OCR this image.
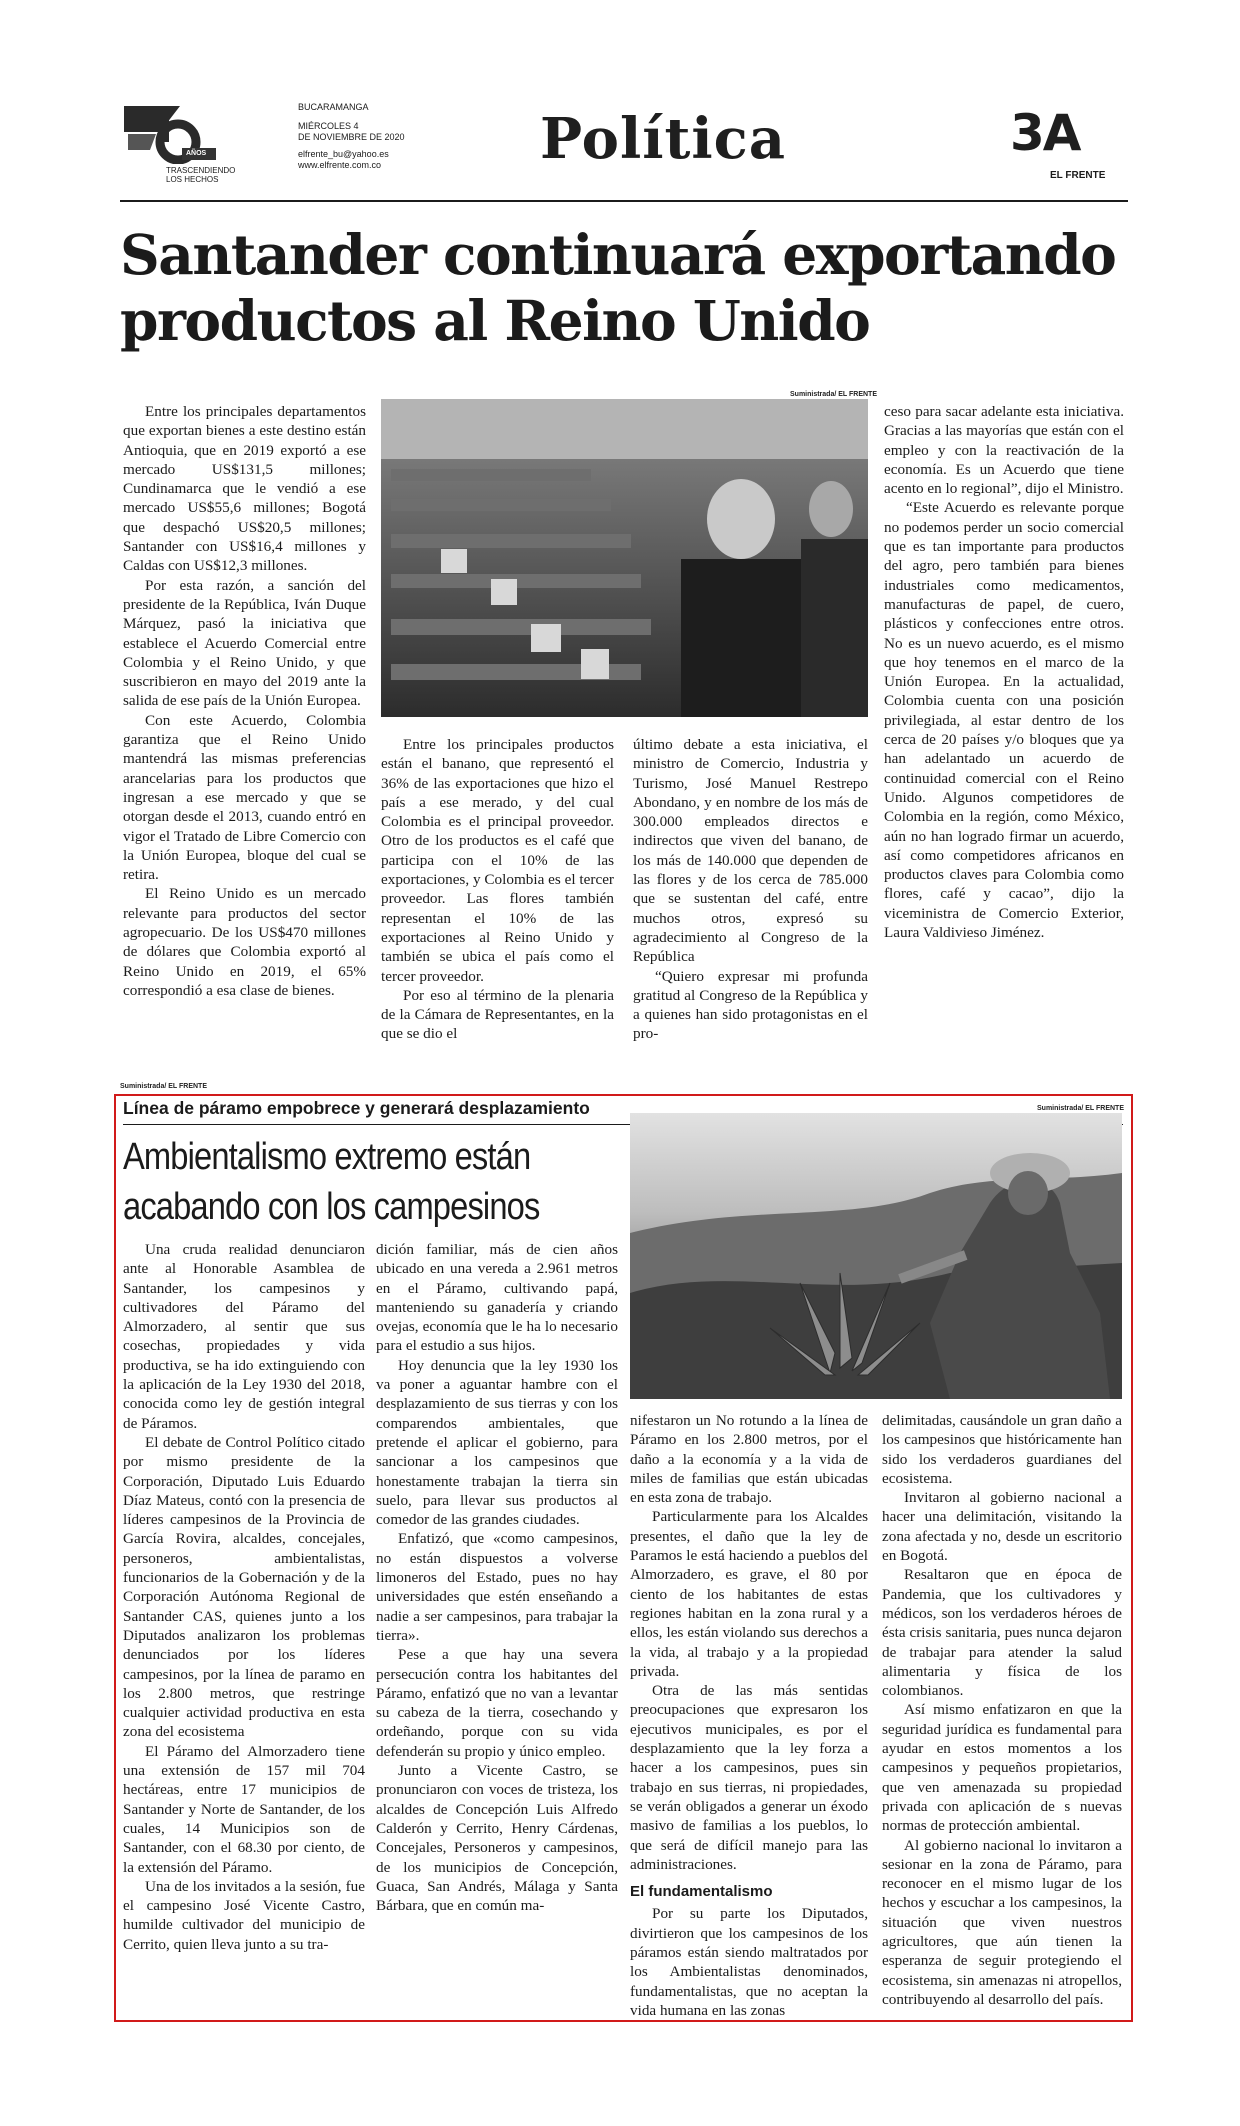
AÑOS
TRASCENDIENDO
LOS HECHOS
BUCARAMANGA
MIÉRCOLES 4
DE NOVIEMBRE DE 2020
elfrente_bu@yahoo.es
www.elfrente.com.co	Política	3A
EL FRENTE
Santander continuará exportando
productos al Reino Unido

Entre los principales departamentos que exportan bienes a este destino están Antioquia, que en 2019 exportó a ese mercado US$131,5 millones; Cundinamarca que le vendió a ese mercado US$55,6 millones; Bogotá que despachó US$20,5 millones; Santander con US$16,4 millones y Caldas con US$12,3 millones.

Por esta razón, a sanción del presidente de la República, Iván Duque Márquez, pasó la iniciativa que establece el Acuerdo Comercial entre Colombia y el Reino Unido, y que suscribieron en mayo del 2019 ante la salida de ese país de la Unión Europea.

Con este Acuerdo, Colombia garantiza que el Reino Unido mantendrá las mismas preferencias arancelarias para los productos que ingresan a ese mercado y que se otorgan desde el 2013, cuando entró en vigor el Tratado de Libre Comercio con la Unión Europea, bloque del cual se retira.

El Reino Unido es un mercado relevante para productos del sector agropecuario. De los US$470 millones de dólares que Colombia exportó al Reino Unido en 2019, el 65% correspondió a esa clase de bienes.

Suministrada/ EL FRENTE

Entre los principales productos están el banano, que representó el 36% de las exportaciones que hizo el país a ese merado, y del cual Colombia es el principal proveedor. Otro de los productos es el café que participa con el 10% de las exportaciones, y Colombia es el tercer proveedor. Las flores también representan el 10% de las exportaciones al Reino Unido y también se ubica el país como el tercer proveedor.

Por eso al término de la plenaria de la Cámara de Representantes, en la que se dio el

último debate a esta iniciativa, el ministro de Comercio, Industria y Turismo, José Manuel Restrepo Abondano, y en nombre de los más de 300.000 empleados directos e indirectos que viven del banano, de los más de 140.000 que dependen de las flores y de los cerca de 785.000 que se sustentan del café, entre muchos otros, expresó su agradecimiento al Congreso de la República

“Quiero expresar mi profunda gratitud al Congreso de la República y a quienes han sido protagonistas en el pro-

ceso para sacar adelante esta iniciativa. Gracias a las mayorías que están con el empleo y con la reactivación de la economía. Es un Acuerdo que tiene acento en lo regional”, dijo el Ministro.

“Este Acuerdo es relevante porque no podemos perder un socio comercial que es tan importante para productos del agro, pero también para bienes industriales como medicamentos, manufacturas de papel, de cuero, plásticos y confecciones entre otros. No es un nuevo acuerdo, es el mismo que hoy tenemos en el marco de la Unión Europea. En la actualidad, Colombia cuenta con una posición privilegiada, al estar dentro de los cerca de 20 países y/o bloques que ya han adelantado un acuerdo de continuidad comercial con el Reino Unido. Algunos competidores de Colombia en la región, como México, aún no han logrado firmar un acuerdo, así como competidores africanos en productos claves para Colombia como flores, café y cacao”, dijo la viceministra de Comercio Exterior, Laura Valdivieso Jiménez.

Suministrada/ EL FRENTE
Línea de páramo empobrece y generará desplazamiento
Ambientalismo extremo están
acabando con los campesinos
Suministrada/ EL FRENTE

Una cruda realidad denunciaron ante al Honorable Asamblea de Santander, los campesinos y cultivadores del Páramo del Almorzadero, al sentir que sus cosechas, propiedades y vida productiva, se ha ido extinguiendo con la aplicación de la Ley 1930 del 2018, conocida como ley de gestión integral de Páramos.

El debate de Control Político citado por mismo presidente de la Corporación, Diputado Luis Eduardo Díaz Mateus, contó con la presencia de líderes campesinos de la Provincia de García Rovira, alcaldes, concejales, personeros, ambientalistas, funcionarios de la Gobernación y de la Corporación Autónoma Regional de Santander CAS, quienes junto a los Diputados analizaron los problemas denunciados por los líderes campesinos, por la línea de paramo en los 2.800 metros, que restringe cualquier actividad productiva en esta zona del ecosistema

El Páramo del Almorzadero tiene una extensión de 157 mil 704 hectáreas, entre 17 municipios de Santander y Norte de Santander, de los cuales, 14 Municipios son de Santander, con el 68.30 por ciento, de la extensión del Páramo.

Una de los invitados a la sesión, fue el campesino José Vicente Castro, humilde cultivador del municipio de Cerrito, quien lleva junto a su tra-

dición familiar, más de cien años ubicado en una vereda a 2.961 metros en el Páramo, cultivando papá, manteniendo su ganadería y criando ovejas, economía que le ha lo necesario para el estudio a sus hijos.

Hoy denuncia que la ley 1930 los va poner a aguantar hambre con el desplazamiento de sus tierras y con los comparendos ambientales, que pretende el aplicar el gobierno, para sancionar a los campesinos que honestamente trabajan la tierra sin suelo, para llevar sus productos al comedor de las grandes ciudades.

Enfatizó, que «como campesinos, no están dispuestos a volverse limoneros del Estado, pues no hay universidades que estén enseñando a nadie a ser campesinos, para trabajar la tierra».

Pese a que hay una severa persecución contra los habitantes del Páramo, enfatizó que no van a levantar su cabeza de la tierra, cosechando y ordeñando, porque con su vida defenderán su propio y único empleo.

Junto a Vicente Castro, se pronunciaron con voces de tristeza, los alcaldes de Concepción Luis Alfredo Calderón y Cerrito, Henry Cárdenas, Concejales, Personeros y campesinos, de los municipios de Concepción, Guaca, San Andrés, Málaga y Santa Bárbara, que en común ma-

nifestaron un No rotundo a la línea de Páramo en los 2.800 metros, por el daño a la economía y a la vida de miles de familias que están ubicadas en esta zona de trabajo.

Particularmente para los Alcaldes presentes, el daño que la ley de Paramos le está haciendo a pueblos del Almorzadero, es grave, el 80 por ciento de los habitantes de estas regiones habitan en la zona rural y a ellos, les están violando sus derechos a la vida, al trabajo y a la propiedad privada.

Otra de las más sentidas preocupaciones que expresaron los ejecutivos municipales, es por el desplazamiento que la ley forza a hacer a los campesinos, pues sin trabajo en sus tierras, ni propiedades, se verán obligados a generar un éxodo masivo de familias a los pueblos, lo que será de difícil manejo para las administraciones.

El fundamentalismo

Por su parte los Diputados, divirtieron que los campesinos de los páramos están siendo maltratados por los Ambientalistas denominados, fundamentalistas, que no aceptan la vida humana en las zonas

delimitadas, causándole un gran daño a los campesinos que históricamente han sido los verdaderos guardianes del ecosistema.

Invitaron al gobierno nacional a hacer una delimitación, visitando la zona afectada y no, desde un escritorio en Bogotá.

Resaltaron que en época de Pandemia, que los cultivadores y médicos, son los verdaderos héroes de ésta crisis sanitaria, pues nunca dejaron de trabajar para atender la salud alimentaria y física de los colombianos.

Así mismo enfatizaron en que la seguridad jurídica es fundamental para ayudar en estos momentos a los campesinos y pequeños propietarios, que ven amenazada su propiedad privada con aplicación de s nuevas normas de protección ambiental.

Al gobierno nacional lo invitaron a sesionar en la zona de Páramo, para reconocer en el mismo lugar de los hechos y escuchar a los campesinos, la situación que viven nuestros agricultores, que aún tienen la esperanza de seguir protegiendo el ecosistema, sin amenazas ni atropellos, contribuyendo al desarrollo del país.
